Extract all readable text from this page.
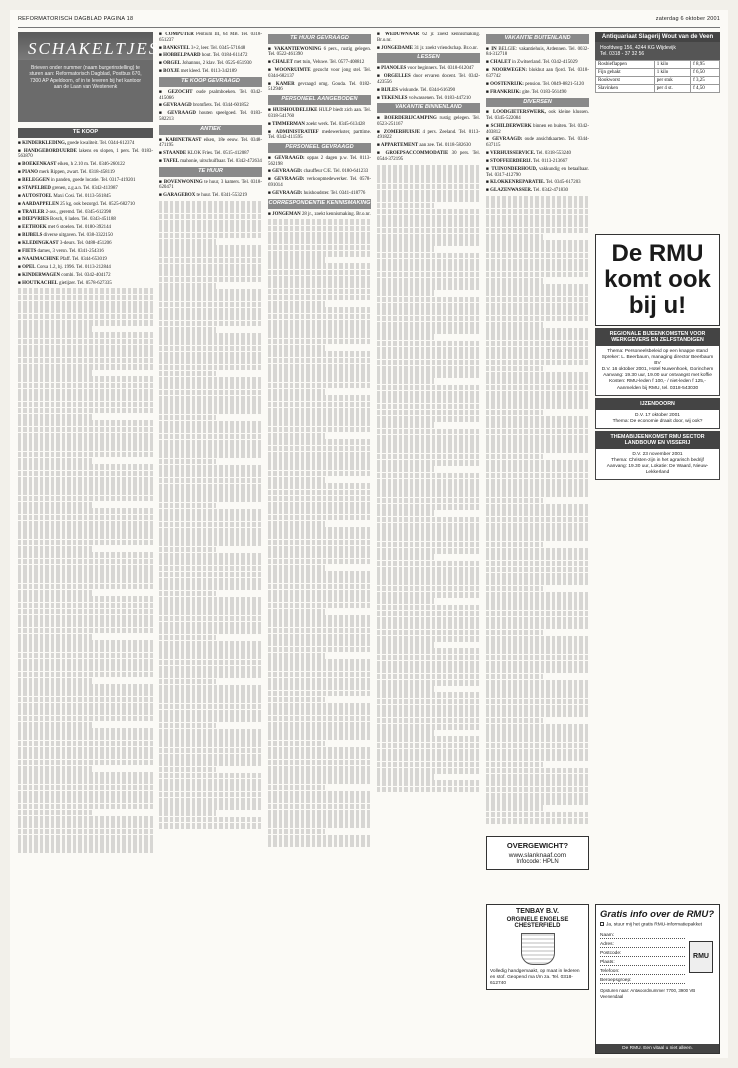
REFORMATORISCH DAGBLAD PAGINA 18	zaterdag 6 oktober 2001
SCHAKELTJES
Brieven onder nummer (naam burgerinstelling) te sturen aan: Reformatorisch Dagblad, Postbus 670, 7300 AP Apeldoorn, of in te leveren bij het kantoor aan de Laan van Westenenk
TE KOOP

■ KINDERKLEDING, goede kwaliteit. Tel. 0344-612374

■ HANDGEBORDUURDE lakens en slopen, 1 pers. Tel. 0183-563870

■ BOEKENKAST eiken, h 2.10 m. Tel. 0346-260122

■ PIANO merk Rippen, zwart. Tel. 0318-458119

■ BELEGGEN in panden, goede locatie. Tel. 0317-419201

■ STAPELBED grenen, z.g.a.n. Tel. 0342-413987

■ AUTOSTOEL Maxi Cosi. Tel. 0113-561845

■ AARDAPPELEN 25 kg, ook bezorgd. Tel. 0525-682710

■ TRAILER 2-ass., geremd. Tel. 0345-612398

■ DIEPVRIES Bosch, 6 laden. Tel. 0343-451188

■ EETHOEK met 6 stoelen. Tel. 0180-392144

■ BIJBELS diverse uitgaven. Tel. 038-3322150

■ KLEDINGKAST 3-deurs. Tel. 0488-451206

■ FIETS dames, 3 versn. Tel. 0341-254316

■ NAAIMACHINE Pfaff. Tel. 0344-653019

■ OPEL Corsa 1.2, bj. 1996. Tel. 0113-212844

■ KINDERWAGEN combi. Tel. 0342-404172

■ HOUTKACHEL gietijzer. Tel. 0578-627335

■ COMPUTER Pentium III, 64 MB. Tel. 0318-651237

■ BANKSTEL 3+2, leer. Tel. 0345-571648

■ HOBBELPAARD hout. Tel. 0184-611472

■ ORGEL Johannus, 2 klav. Tel. 0525-651930

■ BOXJE met kleed. Tel. 0113-342189

TE KOOP GEVRAAGD

■ GEZOCHT oude psalmboeken. Tel. 0342-415066

■ GEVRAAGD bromfiets. Tel. 0344-601852

■ GEVRAAGD houten speelgoed. Tel. 0183-582213

ANTIEK

■ KABINETKAST eiken, 18e eeuw. Tel. 0348-471195

■ STAANDE KLOK Fries. Tel. 0515-412087

■ TAFEL mahonie, uitschuifbaar. Tel. 0342-472634

TE HUUR

■ BOVENWONING te huur, 3 kamers. Tel. 0318-620471

■ GARAGEBOX te huur. Tel. 0341-553219

TE HUUR GEVRAAGD

■ VAKANTIEWONING 6 pers., rustig gelegen. Tel. 0522-461390

■ CHALET met tuin, Veluwe. Tel. 0577-408812

■ WOONRUIMTE gezocht voor jong stel. Tel. 0344-682137

■ KAMER gevraagd omg. Gouda. Tel. 0182-512946

PERSONEEL AANGEBODEN

■ HUISHOUDELIJKE HULP biedt zich aan. Tel. 0318-541760

■ TIMMERMAN zoekt werk. Tel. 0345-613428

■ ADMINISTRATIEF medewerkster, parttime. Tel. 0342-411595

PERSONEEL GEVRAAGD

■ GEVRAAGD: oppas 2 dagen p.w. Tel. 0113-562198

■ GEVRAAGD: chauffeur C/E. Tel. 0180-641233

■ GEVRAAGD: verkoopmedewerker. Tel. 0578-691014

■ GEVRAAGD: huishoudster. Tel. 0341-418776

CORRESPONDENTIE KENNISMAKING

■ JONGEMAN 28 jr., zoekt kennismaking. Br.o.nr.

■ WEDUWNAAR 62 jr. zoekt kennismaking. Br.o.nr.

■ JONGEDAME 31 jr. zoekt vriendschap. Br.o.nr.

LESSEN

■ PIANOLES voor beginners. Tel. 0318-612047

■ ORGELLES door ervaren docent. Tel. 0342-423556

■ BIJLES wiskunde. Tel. 0344-616390

■ TEKENLES volwassenen. Tel. 0183-447210

VAKANTIE BINNENLAND

■ BOERDERIJCAMPING rustig gelegen. Tel. 0523-251167

■ ZOMERHUISJE 4 pers. Zeeland. Tel. 0113-491822

■ APPARTEMENT aan zee. Tel. 0118-582630

■ GROEPSACCOMMODATIE 30 pers. Tel. 0544-372195

VAKANTIE BUITENLAND

■ IN BELGIE: vakantiehuis, Ardennen. Tel. 0032-84-312718

■ CHALET in Zwitserland. Tel. 0342-415029

■ NOORWEGEN: blokhut aan fjord. Tel. 0318-637742

■ OOSTENRIJK: pension. Tel. 0049-8821-5120

■ FRANKRIJK: gite. Tel. 0183-561490

DIVERSEN

■ LOODGIETERSWERK, ook kleine klussen. Tel. 0345-522084

■ SCHILDERWERK binnen en buiten. Tel. 0342-403812

■ GEVRAAGD: oude ansichtkaarten. Tel. 0344-637115

■ VERHUISSERVICE. Tel. 0318-553240

■ STOFFEERDERIJ. Tel. 0113-213667

■ TUINONDERHOUD, vakkundig en betaalbaar. Tel. 0317-412790

■ KLOKKENREPARATIE. Tel. 0345-617203

■ GLAZENWASSER. Tel. 0342-471830

OVERGEWICHT?
www.slanknaaf.com
Infocode: HPLN
TENBAY B.V.
ORGINELE ENGELSE CHESTERFIELD
Volledig handgemaakt, op maat in lederen en stof. Geopend ma t/m za. Tel. 0318-612740
Antiquariaat Slagerij Wout van de Veen
Hoofdweg 156, 4244 KG Wijdevijk
Tel. 0318 - 37 32 56
Rosbieflappen	1 kilo	f 8,95
Fijn gehakt	1 kilo	f 6,50
Rookworst	per stuk	f 3,25
Slavinken	per 4 st.	f 4,50
De RMU
komt ook
bij u!
REGIONALE BIJEENKOMSTEN VOOR WERKGEVERS EN ZELFSTANDIGEN

Thema: Personeelsbeleid op een knappe stand

Spreker: L. Beerbaum, managing director Beerbaum BV

D.V. 16 oktober 2001, Hotel Nuwenhoek, Gorinchem

Aanvang: 19.30 uur, 19.00 uur ontvangst met koffie

Kosten: RMU-leden f 100,- / niet-leden f 125,-

Aanmelden bij RMU, tel. 0318-543030

IJZENDOORN

D.V. 17 oktober 2001

Thema: De economie draait door, wij ook?

THEMABIJEENKOMST RMU SECTOR LANDBOUW EN VISSERIJ

D.V. 23 november 2001

Thema: Christen-zijn in het agrarisch bedrijf

Aanvang: 19.30 uur, Lokatie: De Waard, Nieuw-Lekkerland

Gratis info over de RMU?
Ja, stuur mij het gratis RMU-informatiepakket
Naam:
Adres:
Postcode:
Plaats:
Telefoon:
Beroepsgroep:
RMU
Opsturen naar: Antwoordnummer 7700, 3900 VB Veenendaal
De RMU. Een vitaal u niet alleen.
